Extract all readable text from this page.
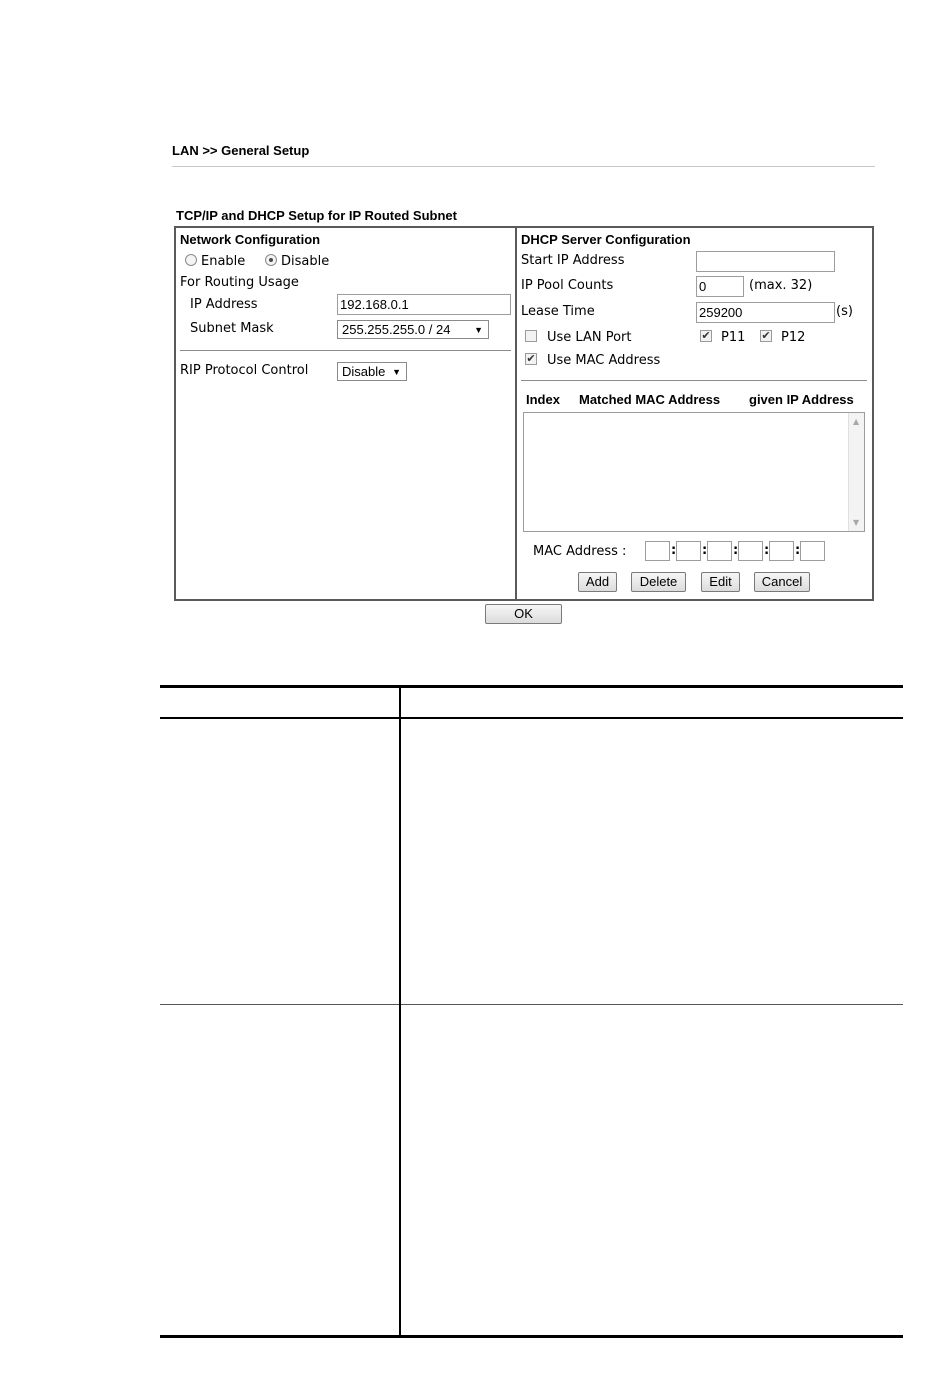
LAN >> General Setup
TCP/IP and DHCP Setup for IP Routed Subnet
Network Configuration
Enable	Disable
For Routing Usage
IP Address	192.168.0.1
Subnet Mask	255.255.255.0 / 24	▼
RIP Protocol Control	Disable ▼
DHCP Server Configuration
Start IP Address
IP Pool Counts	0	(max. 32)
Lease Time	259200	(s)
Use LAN Port	✔ P11 ✔ P12
✔ Use MAC Address
Index Matched MAC Address given IP Address
▲
▼
MAC Address :	: : : : :
Add	Delete	Edit	Cancel
OK
